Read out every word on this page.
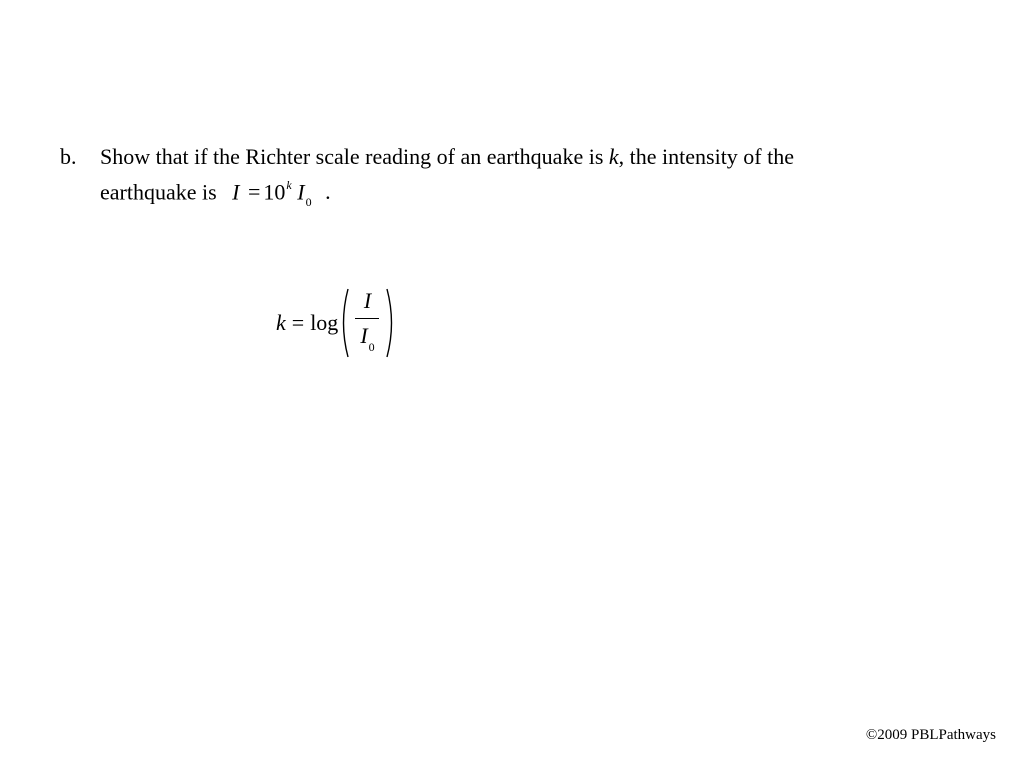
b. Show that if the Richter scale reading of an earthquake is k, the intensity of the
earthquake is $I = 10^k$ $I_0$ .
$k = \log \frac{I}{I_0}$
©2009 PBLPathways
